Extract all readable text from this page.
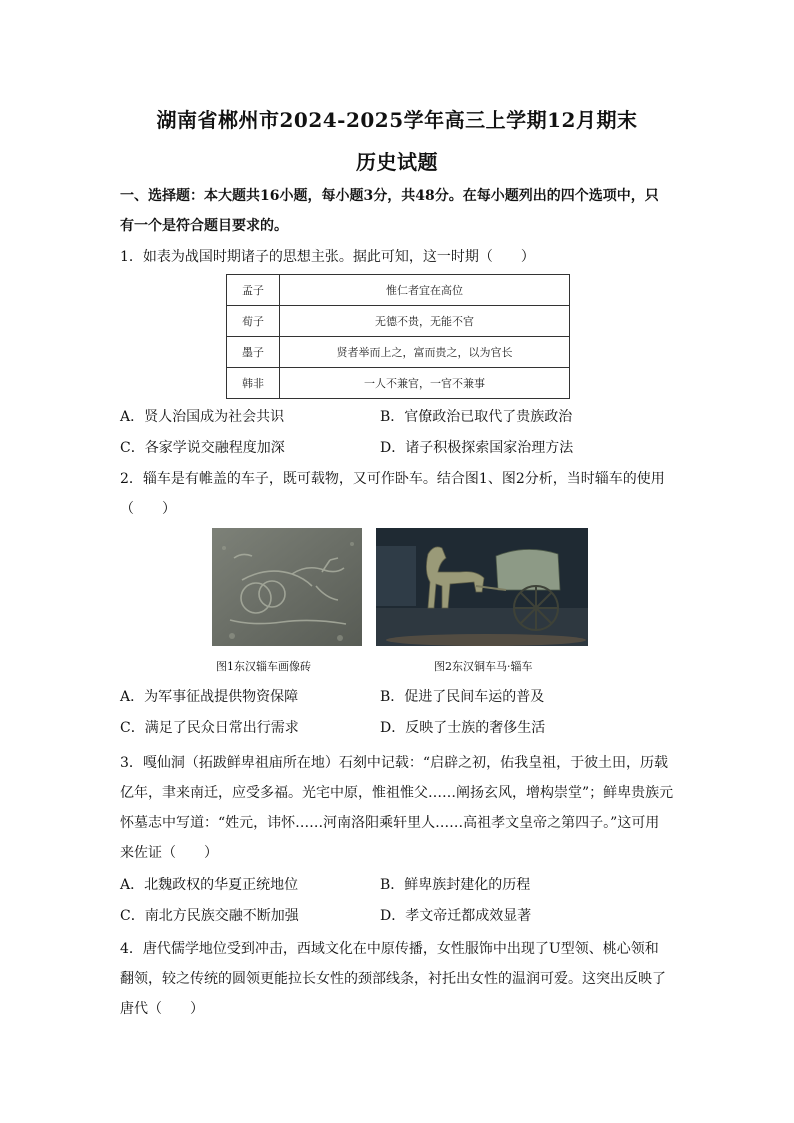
湖南省郴州市2024-2025学年高三上学期12月期末
历史试题
一、选择题：本大题共16小题，每小题3分，共48分。在每小题列出的四个选项中，只
有一个是符合题目要求的。
1．如表为战国时期诸子的思想主张。据此可知，这一时期（　　）
孟子	惟仁者宜在高位
荀子	无德不贵，无能不官
墨子	贤者举而上之，富而贵之，以为官长
韩非	一人不兼官，一官不兼事
A．贤人治国成为社会共识	B．官僚政治已取代了贵族政治
C．各家学说交融程度加深	D．诸子积极探索国家治理方法
2．辎车是有帷盖的车子，既可载物，又可作卧车。结合图1、图2分析，当时辎车的使用
（　　）
图1东汉辎车画像砖	图2东汉铜车马·辎车
A．为军事征战提供物资保障	B．促进了民间车运的普及
C．满足了民众日常出行需求	D．反映了士族的奢侈生活
3．嘎仙洞（拓跋鲜卑祖庙所在地）石刻中记载：“启辟之初，佑我皇祖，于彼土田，历载
亿年，聿来南迁，应受多福。光宅中原，惟祖惟父……阐扬玄风，增构崇堂”；鲜卑贵族元
怀墓志中写道：“姓元，讳怀……河南洛阳乘轩里人……高祖孝文皇帝之第四子。”这可用
来佐证（　　）
A．北魏政权的华夏正统地位	B．鲜卑族封建化的历程
C．南北方民族交融不断加强	D．孝文帝迁都成效显著
4．唐代儒学地位受到冲击，西域文化在中原传播，女性服饰中出现了U型领、桃心领和
翻领，较之传统的圆领更能拉长女性的颈部线条，衬托出女性的温润可爱。这突出反映了
唐代（　　）
